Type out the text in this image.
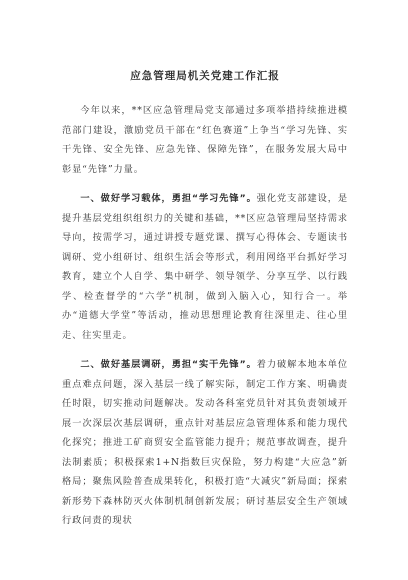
应急管理局机关党建工作汇报

今年以来，**区应急管理局党支部通过多项举措持续推进模范部门建设，激励党员干部在“红色赛道”上争当“学习先锋、实干先锋、安全先锋、应急先锋、保障先锋”，在服务发展大局中彰显“先锋”力量。

一、做好学习载体，勇担“学习先锋”。强化党支部建设，是提升基层党组织组织力的关键和基础，**区应急管理局坚持需求导向，按需学习，通过讲授专题党课、撰写心得体会、专题读书调研、党小组研讨、组织生活会等形式，利用网络平台抓好学习教育，建立个人自学、集中研学、领导领学、分享互学、以行践学、检查督学的“六学”机制，做到入脑入心，知行合一。举办“道德大学堂”等活动，推动思想理论教育往深里走、往心里走、往实里走。

二、做好基层调研，勇担“实干先锋”。着力破解本地本单位重点难点问题，深入基层一线了解实际，制定工作方案、明确责任时限，切实推动问题解决。发动各科室党员针对其负责领域开展一次深层次基层调研，重点针对基层应急管理体系和能力现代化探究；推进工矿商贸安全监管能力提升；规范事故调查，提升法制素质；积极探索1+N指数巨灾保险，努力构建“大应急”新格局；聚焦风险普查成果转化，积极打造“大减灾”新局面；探索新形势下森林防灭火体制机制创新发展；研讨基层安全生产领域行政问责的现状
